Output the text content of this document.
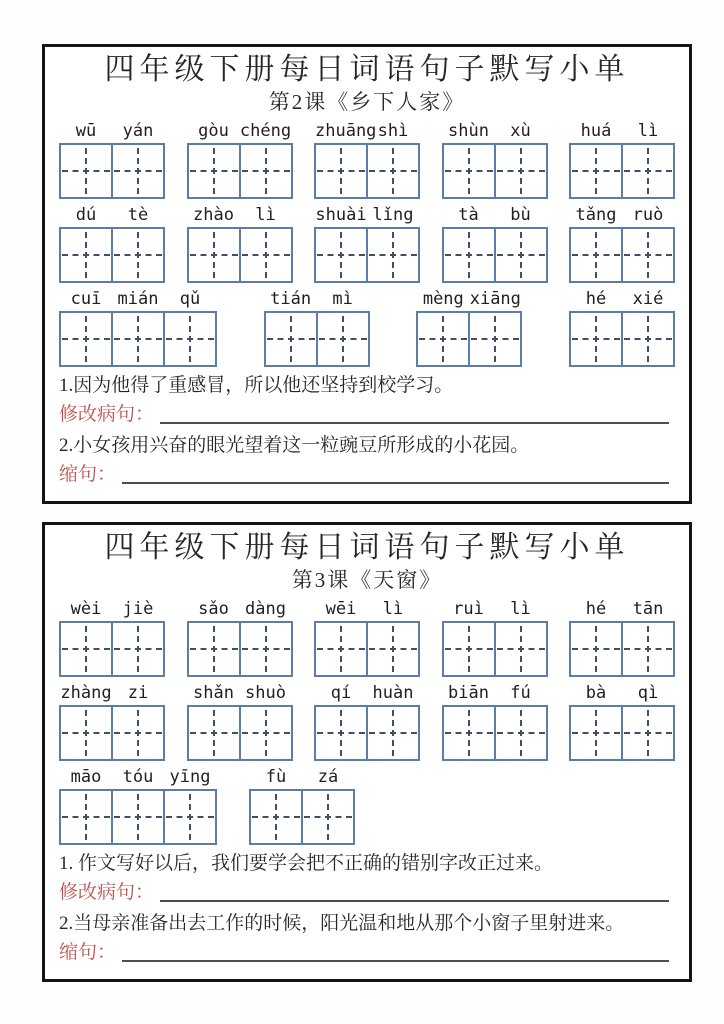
四年级下册每日词语句子默写小单
第2课《乡下人家》
wū	yán	gòu chéng zhuāng shì	shùn	xù	huá	lì
dú	tè	zhào	lì	shuài lǐng	tà	bù	tǎng ruò
cuī mián	qǔ	tián	mì	mèng xiāng	hé	xié
1.因为他得了重感冒，所以他还坚持到校学习。
修改病句：
2.小女孩用兴奋的眼光望着这一粒豌豆所形成的小花园。
缩句：
四年级下册每日词语句子默写小单
第3课《天窗》
wèi	jiè	sǎo dàng	wēi	lì	ruì	lì	hé	tān
zhàng zi	shǎn shuò	qí	huàn	biān	fú	bà	qì
māo	tóu yīng	fù	zá
1. 作文写好以后，我们要学会把不正确的错别字改正过来。
修改病句：
2.当母亲准备出去工作的时候，阳光温和地从那个小窗子里射进来。
缩句：
